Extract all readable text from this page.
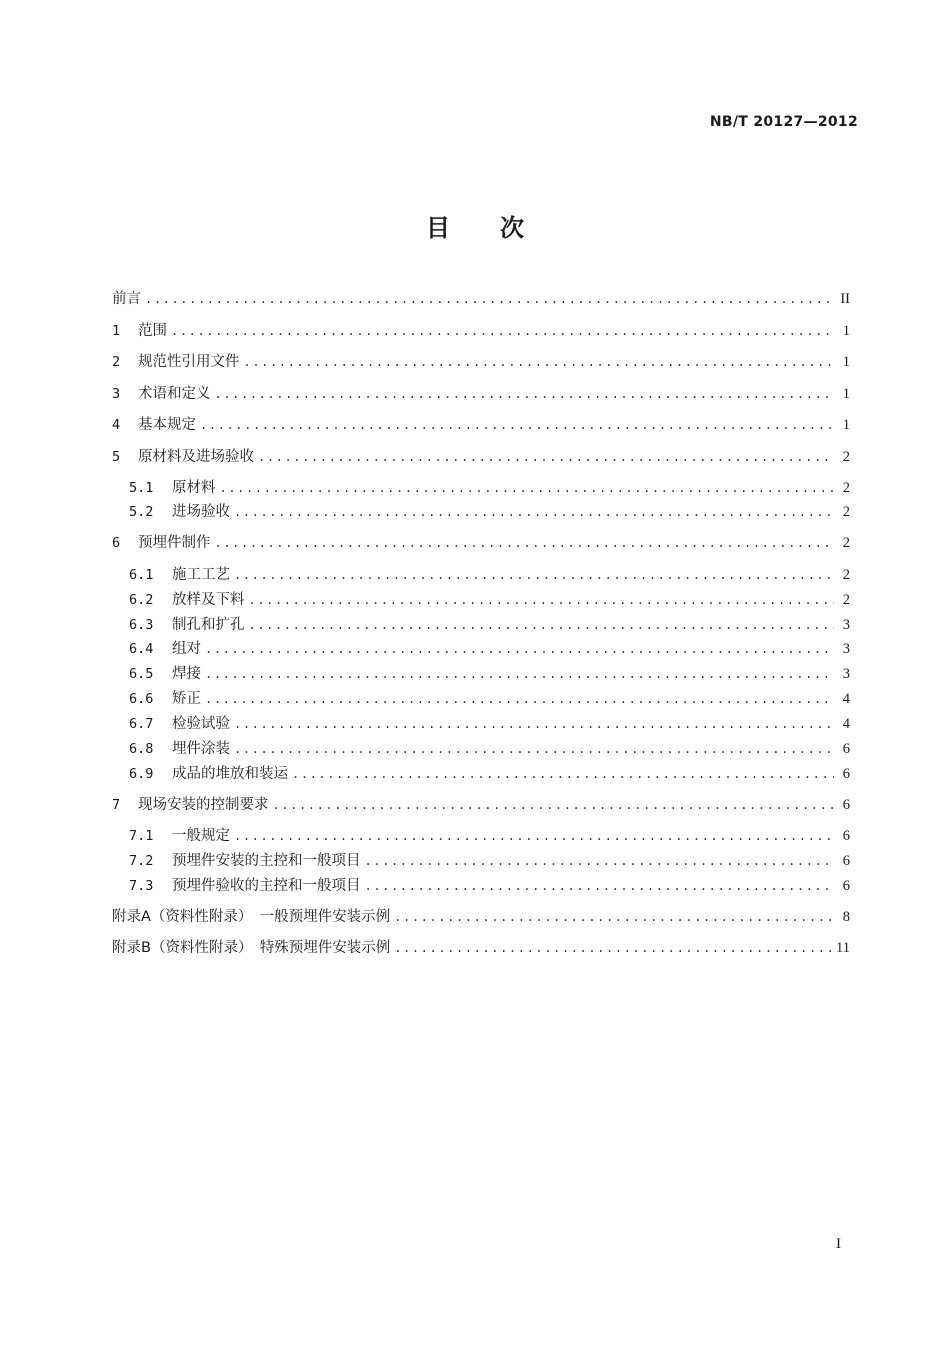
NB/T 20127—2012
目次
前言 .....	II
1	范围 .....	1
2	规范性引用文件 .....	1
3	术语和定义 .....	1
4	基本规定 .....	1
5	原材料及进场验收 .....	2
5.1	原材料 .....	2
5.2	进场验收 .....	2
6	预埋件制作 .....	2
6.1	施工工艺 .....	2
6.2	放样及下料 .....	2
6.3	制孔和扩孔 .....	3
6.4	组对 .....	3
6.5	焊接 .....	3
6.6	矫正 .....	4
6.7	检验试验 .....	4
6.8	埋件涂装 .....	6
6.9	成品的堆放和装运 .....	6
7	现场安装的控制要求 .....	6
7.1	一般规定 .....	6
7.2	预埋件安装的主控和一般项目 .....	6
7.3	预埋件验收的主控和一般项目 .....	6
附录A（资料性附录）　一般预埋件安装示例 .....	8
附录B（资料性附录）　特殊预埋件安装示例 .....	11
I
